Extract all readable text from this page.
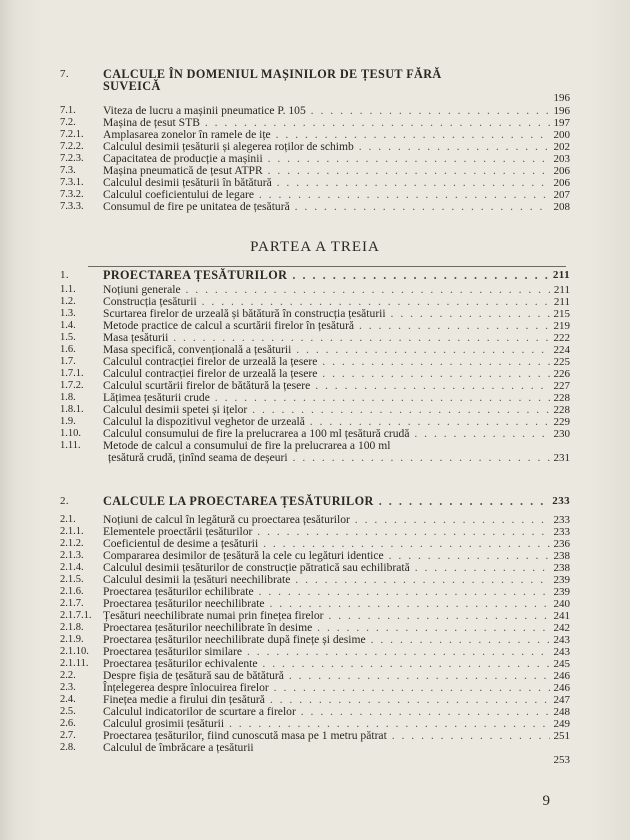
7.	CALCULE ÎN DOMENIUL MAȘINILOR DE ȚESUT FĂRĂ
SUVEICĂ
196
7.1. Viteza de lucru a mașinii pneumatice P. 105 . . .	196
7.2. Mașina de țesut STB . . .	197
7.2.1. Amplasarea zonelor în ramele de ițe . . .	200
7.2.2. Calculul desimii țesăturii și alegerea roților de schimb . . .	202
7.2.3. Capacitatea de producție a mașinii . . .	203
7.3. Mașina pneumatică de țesut ATPR . . .	206
7.3.1. Calculul desimii țesăturii în bătătură . . .	206
7.3.2. Calculul coeficientului de legare . . .	207
7.3.3. Consumul de fire pe unitatea de țesătură . . .	208
1.	PROECTAREA ȚESĂTURILOR . . .	211
1.1. Noțiuni generale . . .	211
1.2. Construcția țesăturii . . .	211
1.3. Scurtarea firelor de urzeală și bătătură în construcția țesăturii . . .	215
1.4. Metode practice de calcul a scurtării firelor în țesătură . . .	219
1.5. Masa țesăturii . . .	222
1.6. Masa specifică, convențională a țesăturii . . .	224
1.7. Calculul contracției firelor de urzeală la țesere . . .	225
1.7.1. Calculul contracției firelor de urzeală la țesere . . .	226
1.7.2. Calculul scurtării firelor de bătătură la țesere . . .	227
1.8. Lățimea țesăturii crude . . .	228
1.8.1. Calculul desimii spetei și ițelor . . .	228
1.9. Calculul la dispozitivul veghetor de urzeală . . .	229
1.10. Calculul consumului de fire la prelucrarea a 100 ml țesătură crudă . . .	230
1.11. Metode de calcul a consumului de fire la prelucrarea a 100 ml
țesătură crudă, ținînd seama de deșeuri . . .	231
2.	CALCULE LA PROECTAREA ȚESĂTURILOR . . .	233
2.1. Noțiuni de calcul în legătură cu proectarea țesăturilor . . .	233
2.1.1. Elementele proectării țesăturilor . . .	233
2.1.2. Coeficientul de desime a țesăturii . . .	236
2.1.3. Compararea desimilor de țesătură la cele cu legături identice . . .	238
2.1.4. Calculul desimii țesăturilor de construcție pătratică sau echilibrată . . .	238
2.1.5. Calculul desimii la țesături neechilibrate . . .	239
2.1.6. Proectarea țesăturilor echilibrate . . .	239
2.1.7. Proectarea țesăturilor neechilibrate . . .	240
2.1.7.1. Țesături neechilibrate numai prin finețea firelor . . .	241
2.1.8. Proectarea țesăturilor neechilibrate în desime . . .	242
2.1.9. Proectarea țesăturilor neechilibrate după finețe și desime . . .	243
2.1.10. Proectarea țesăturilor similare . . .	243
2.1.11. Proectarea țesăturilor echivalente . . .	245
2.2. Despre fișia de țesătură sau de bătătură . . .	246
2.3. Înțelegerea despre înlocuirea firelor . . .	246
2.4. Finețea medie a firului din țesătură . . .	247
2.5. Calculul indicatorilor de scurtare a firelor . . .	248
2.6. Calculul grosimii țesăturii . . .	249
2.7. Proectarea țesăturilor, fiind cunoscută masa pe 1 metru pătrat . . .	251
2.8. Calculul de îmbrăcare a țesăturii
253
PARTEA A TREIA
9
